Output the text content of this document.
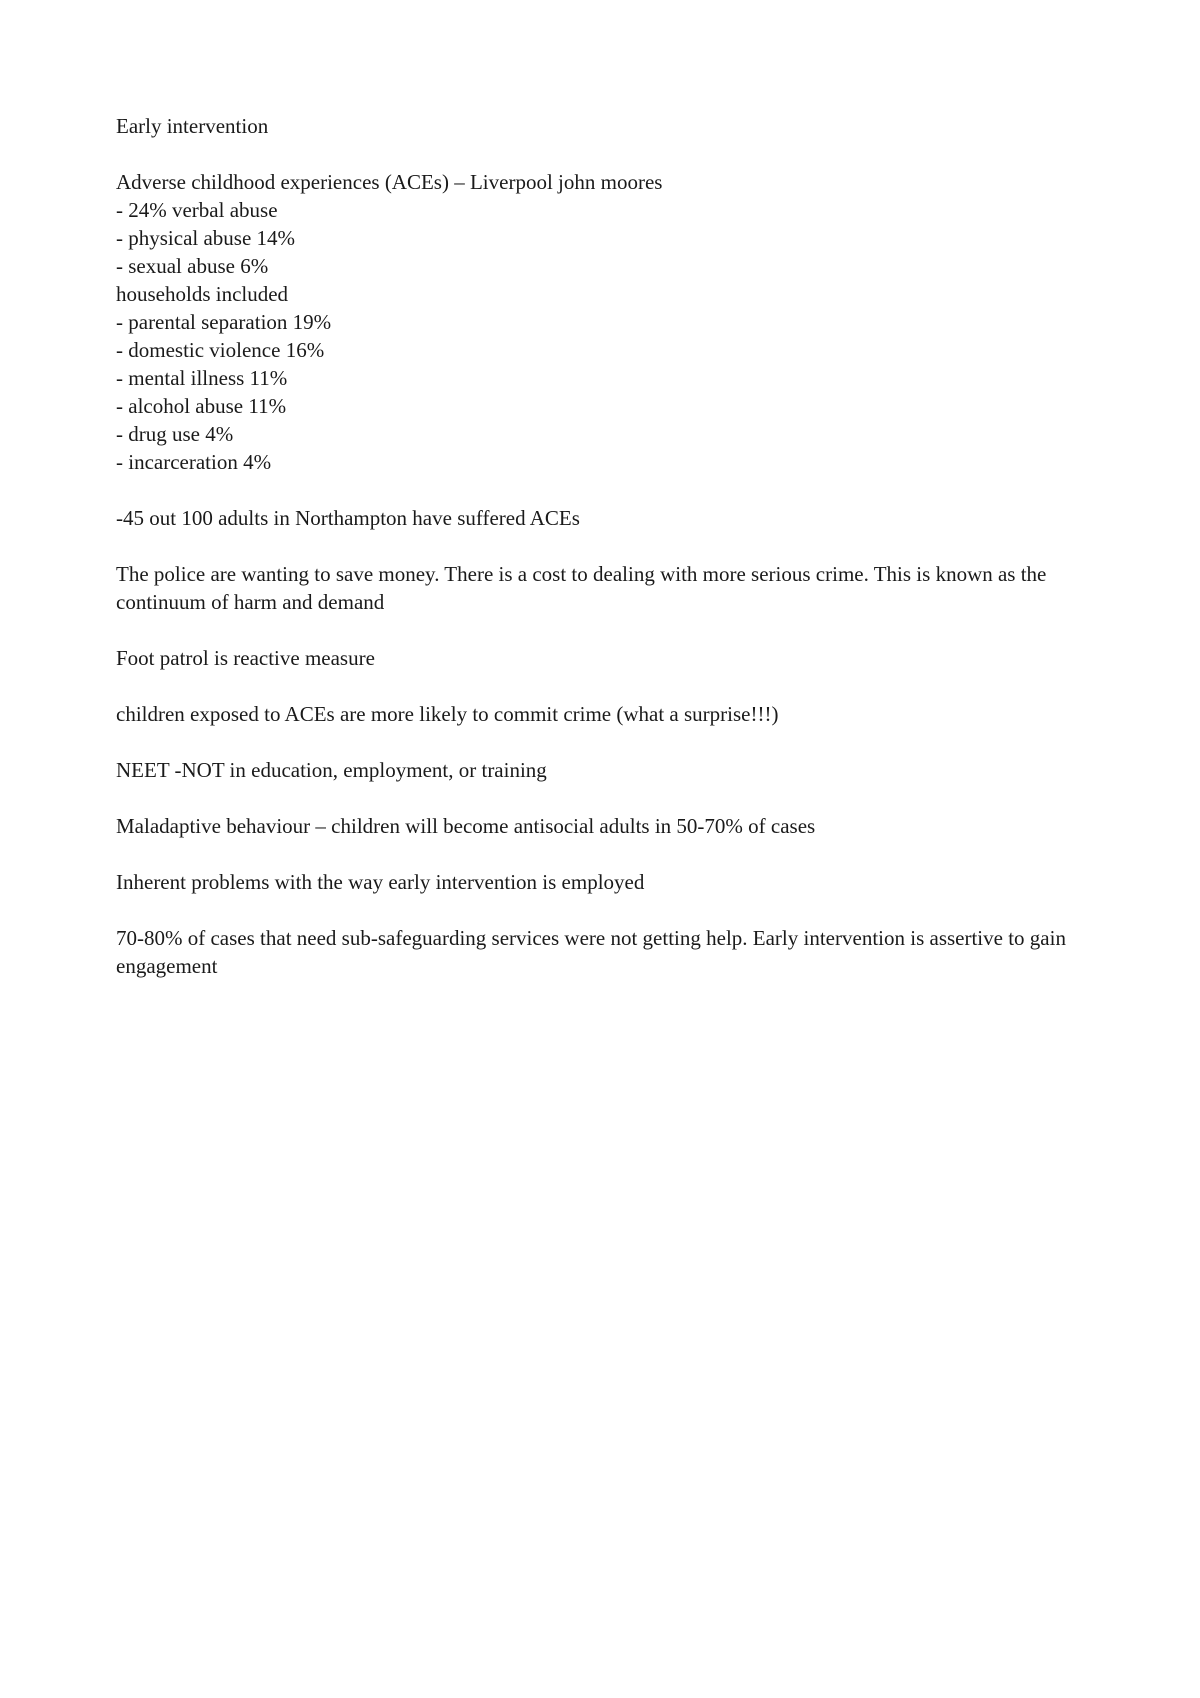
Early intervention

Adverse childhood experiences (ACEs) – Liverpool john moores
- 24% verbal abuse
- physical abuse 14%
- sexual abuse 6%
households included
- parental separation 19%
- domestic violence 16%
- mental illness 11%
- alcohol abuse 11%
- drug use 4%
- incarceration 4%

-45 out 100 adults in Northampton have suffered ACEs

The police are wanting to save money. There is a cost to dealing with more serious crime. This is known as the continuum of harm and demand

Foot patrol is reactive measure

children exposed to ACEs are more likely to commit crime (what a surprise!!!)

NEET -NOT in education, employment, or training

Maladaptive behaviour – children will become antisocial adults in 50-70% of cases

Inherent problems with the way early intervention is employed

70-80% of cases that need sub-safeguarding services were not getting help. Early intervention is assertive to gain engagement
